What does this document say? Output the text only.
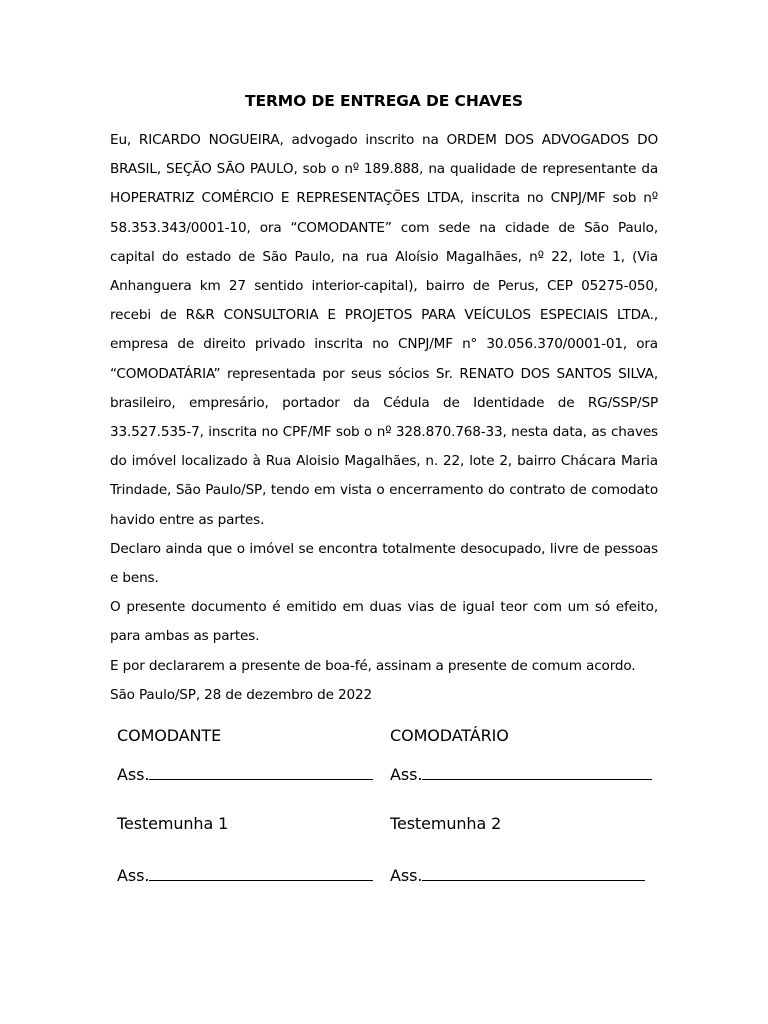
TERMO DE ENTREGA DE CHAVES

Eu, RICARDO NOGUEIRA, advogado inscrito na ORDEM DOS ADVOGADOS DO BRASIL, SEÇÃO SÃO PAULO, sob o nº 189.888, na qualidade de representante da HOPERATRIZ COMÉRCIO E REPRESENTAÇÕES LTDA, inscrita no CNPJ/MF sob nº 58.353.343/0001-10, ora “COMODANTE” com sede na cidade de São Paulo, capital do estado de São Paulo, na rua Aloísio Magalhães, nº 22, lote 1, (Via Anhanguera km 27 sentido interior-capital), bairro de Perus, CEP 05275-050, recebi de R&R CONSULTORIA E PROJETOS PARA VEÍCULOS ESPECIAIS LTDA., empresa de direito privado inscrita no CNPJ/MF n° 30.056.370/0001-01, ora “COMODATÁRIA” representada por seus sócios Sr. RENATO DOS SANTOS SILVA, brasileiro, empresário, portador da Cédula de Identidade de RG/SSP/SP 33.527.535-7, inscrita no CPF/MF sob o nº 328.870.768-33, nesta data, as chaves do imóvel localizado à Rua Aloisio Magalhães, n. 22, lote 2, bairro Chácara Maria Trindade, São Paulo/SP, tendo em vista o encerramento do contrato de comodato havido entre as partes.

Declaro ainda que o imóvel se encontra totalmente desocupado, livre de pessoas e bens.

O presente documento é emitido em duas vias de igual teor com um só efeito, para ambas as partes.

E por declararem a presente de boa-fé, assinam a presente de comum acordo.

São Paulo/SP, 28 de dezembro de 2022

COMODANTE	COMODATÁRIO
Ass.	Ass.
Testemunha 1	Testemunha 2
Ass.	Ass.
